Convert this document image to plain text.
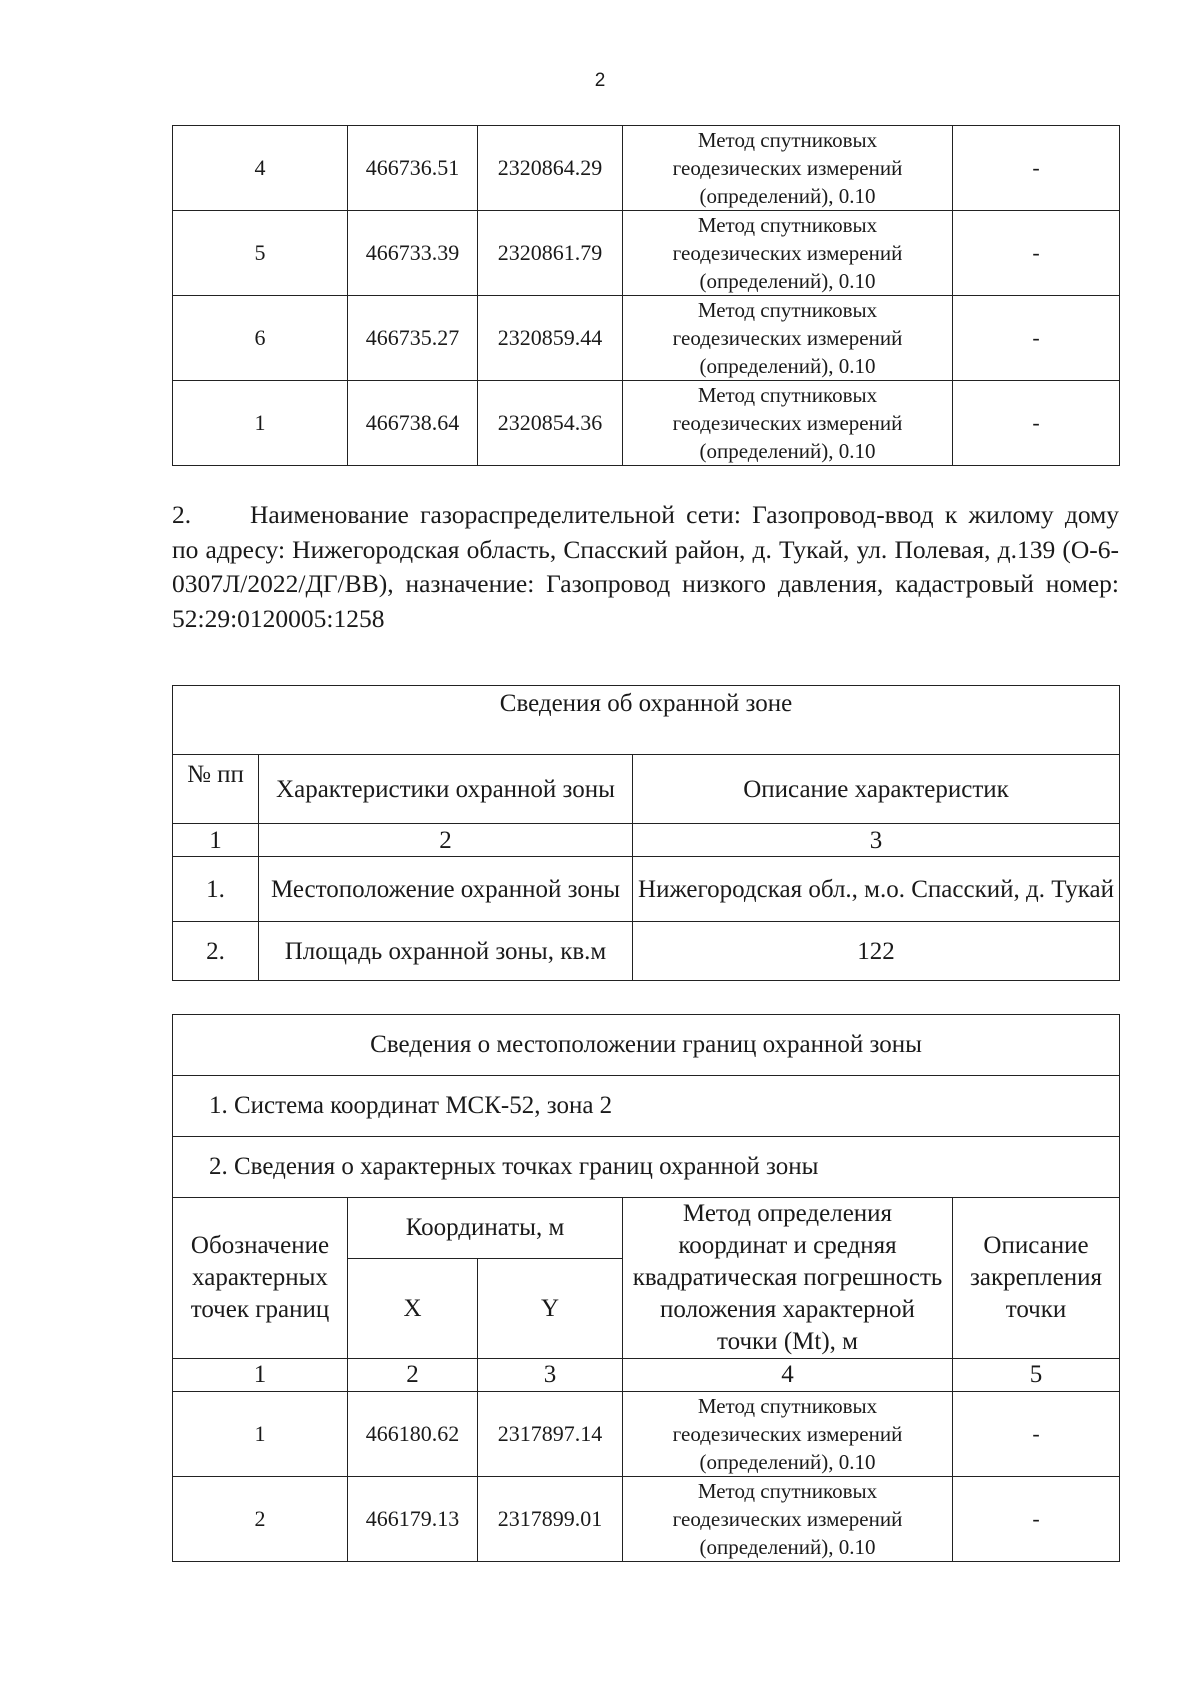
2
4	466736.51	2320864.29	Метод спутниковых
геодезических измерений
(определений), 0.10	-
5	466733.39	2320861.79	Метод спутниковых
геодезических измерений
(определений), 0.10	-
6	466735.27	2320859.44	Метод спутниковых
геодезических измерений
(определений), 0.10	-
1	466738.64	2320854.36	Метод спутниковых
геодезических измерений
(определений), 0.10	-

2. Наименование газораспределительной сети: Газопровод-ввод к жилому дому по адресу: Нижегородская область, Спасский район, д. Тукай, ул. Полевая, д.139 (О-6-0307Л/2022/ДГ/ВВ), назначение: Газопровод низкого давления, кадастровый номер: 52:29:0120005:1258

Сведения об охранной зоне		
№ пп	Характеристики охранной зоны	Описание характеристик
1	2	3
1.	Местоположение охранной зоны	Нижегородская обл., м.о. Спасский, д. Тукай
2.	Площадь охранной зоны, кв.м	122
Сведения о местоположении границ охранной зоны				
1. Система координат МСК-52, зона 2				
2. Сведения о характерных точках границ охранной зоны				
Обозначение характерных точек границ	Координаты, м		Метод определения координат и средняя квадратическая погрешность положения характерной точки (Mt), м	Описание закрепления точки
	X	Y		
1	2	3	4	5
1	466180.62	2317897.14	Метод спутниковых
геодезических измерений
(определений), 0.10	-
2	466179.13	2317899.01	Метод спутниковых
геодезических измерений
(определений), 0.10	-
